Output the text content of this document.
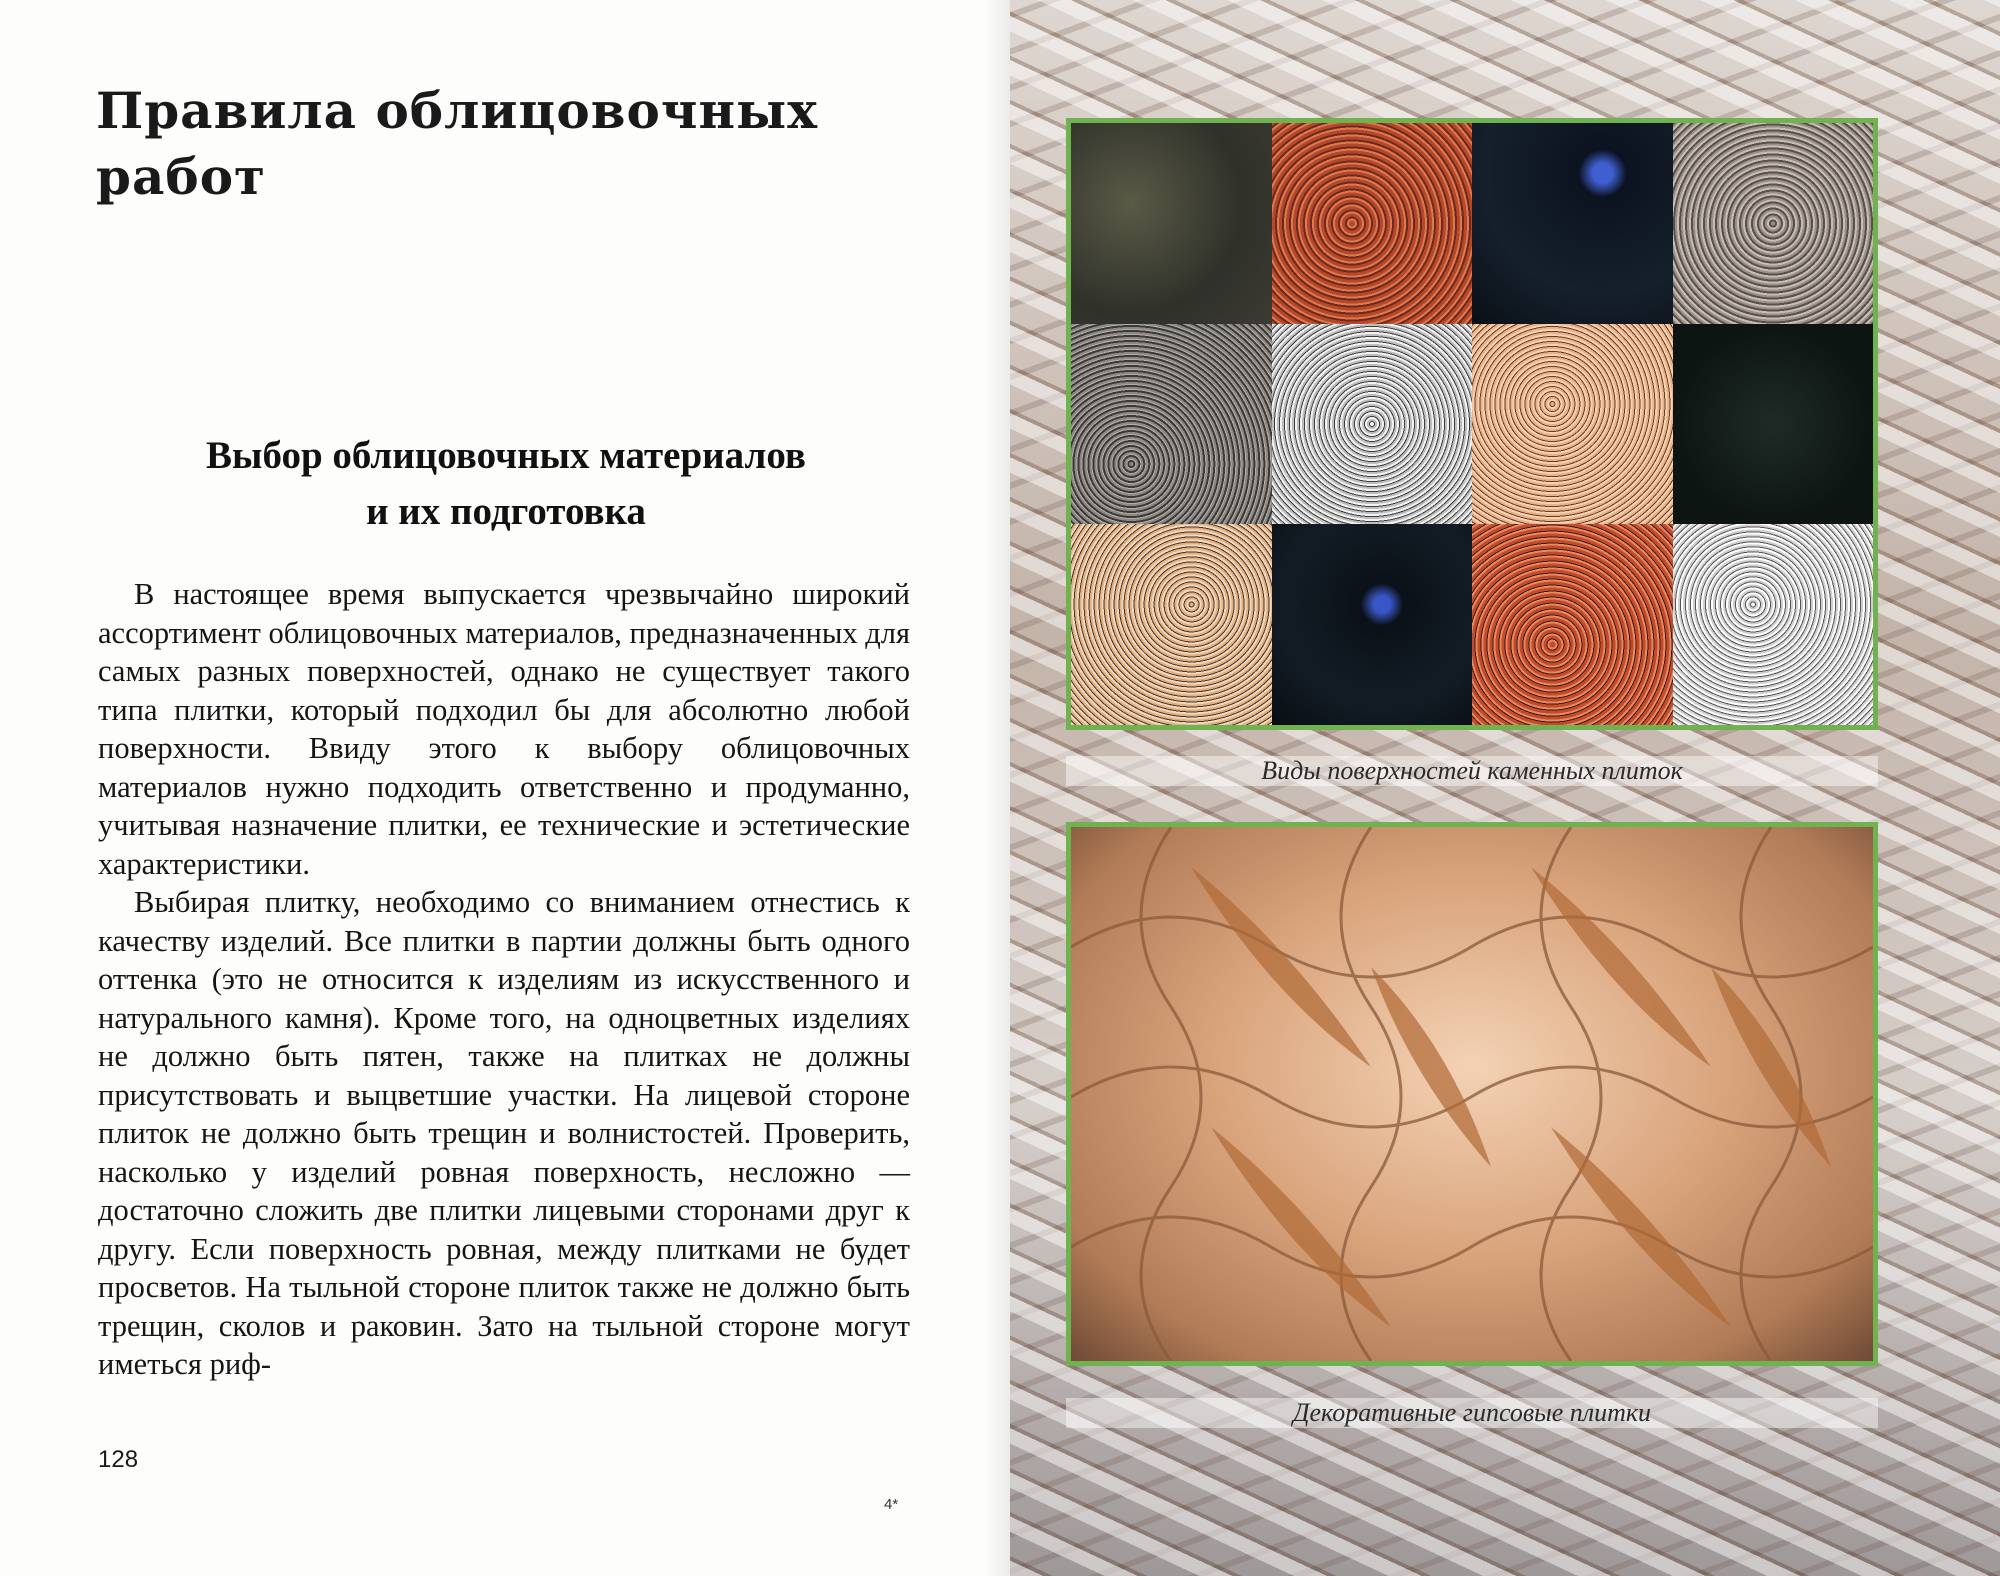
Правила облицовочных работ
Выбор облицовочных материалов
и их подготовка

В настоящее время выпускается чрезвычайно широкий ассортимент облицовочных материалов, предназначенных для самых разных поверхностей, однако не существует такого типа плитки, который подходил бы для абсолютно любой поверхности. Ввиду этого к выбору облицовочных материалов нужно подходить ответственно и продуманно, учитывая назначение плитки, ее технические и эстетические характеристики.

Выбирая плитку, необходимо со вниманием отнестись к качеству изделий. Все плитки в партии должны быть одного оттенка (это не относится к изделиям из искусственного и натурального камня). Кроме того, на одноцветных изделиях не должно быть пятен, также на плитках не должны присутствовать и выцветшие участки. На лицевой стороне плиток не должно быть трещин и волнистостей. Проверить, насколько у изделий ровная поверхность, несложно — достаточно сложить две плитки лицевыми сторонами друг к другу. Если поверхность ровная, между плитками не будет просветов. На тыльной стороне плиток также не должно быть трещин, сколов и раковин. Зато на тыльной стороне могут иметься риф-

128
4*
Виды поверхностей каменных плиток
Декоративные гипсовые плитки
